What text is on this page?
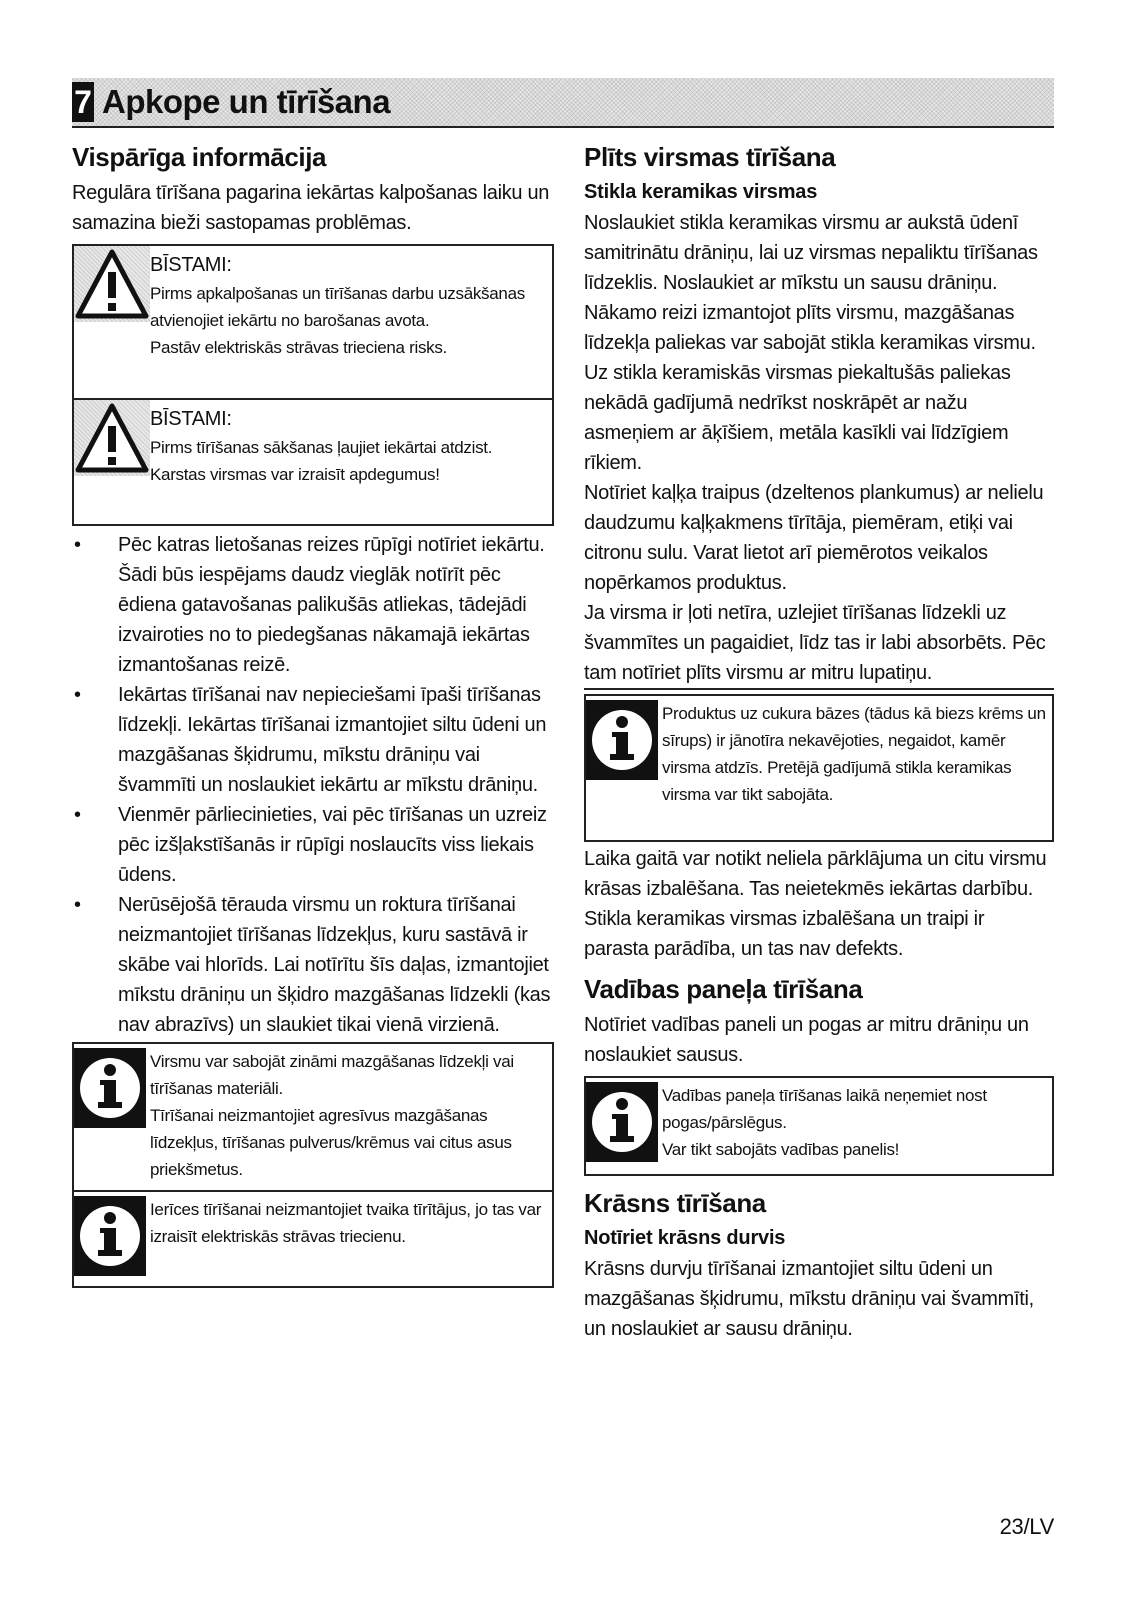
7 Apkope un tīrīšana
Vispārīga informācija

Regulāra tīrīšana pagarina iekārtas kalpošanas laiku un samazina bieži sastopamas problēmas.

BĪSTAMI:
Pirms apkalpošanas un tīrīšanas darbu uzsākšanas atvienojiet iekārtu no barošanas avota.
Pastāv elektriskās strāvas trieciena risks.
BĪSTAMI:
Pirms tīrīšanas sākšanas ļaujiet iekārtai atdzist.
Karstas virsmas var izraisīt apdegumus!
• Pēc katras lietošanas reizes rūpīgi notīriet iekārtu. Šādi būs iespējams daudz vieglāk notīrīt pēc ēdiena gatavošanas palikušās atliekas, tādejādi izvairoties no to piedegšanas nākamajā iekārtas izmantošanas reizē.
• Iekārtas tīrīšanai nav nepieciešami īpaši tīrīšanas līdzekļi. Iekārtas tīrīšanai izmantojiet siltu ūdeni un mazgāšanas šķidrumu, mīkstu drāniņu vai švammīti un noslaukiet iekārtu ar mīkstu drāniņu.
• Vienmēr pārliecinieties, vai pēc tīrīšanas un uzreiz pēc izšļakstīšanās ir rūpīgi noslaucīts viss liekais ūdens.
• Nerūsējošā tērauda virsmu un roktura tīrīšanai neizmantojiet tīrīšanas līdzekļus, kuru sastāvā ir skābe vai hlorīds. Lai notīrītu šīs daļas, izmantojiet mīkstu drāniņu un šķidro mazgāšanas līdzekli (kas nav abrazīvs) un slaukiet tikai vienā virzienā.
Virsmu var sabojāt zināmi mazgāšanas līdzekļi vai tīrīšanas materiāli.
Tīrīšanai neizmantojiet agresīvus mazgāšanas līdzekļus, tīrīšanas pulverus/krēmus vai citus asus priekšmetus.
Ierīces tīrīšanai neizmantojiet tvaika tīrītājus, jo tas var izraisīt elektriskās strāvas triecienu.
Plīts virsmas tīrīšana
Stikla keramikas virsmas

Noslaukiet stikla keramikas virsmu ar aukstā ūdenī samitrinātu drāniņu, lai uz virsmas nepaliktu tīrīšanas līdzeklis. Noslaukiet ar mīkstu un sausu drāniņu. Nākamo reizi izmantojot plīts virsmu, mazgāšanas līdzekļa paliekas var sabojāt stikla keramikas virsmu.

Uz stikla keramiskās virsmas piekaltušās paliekas nekādā gadījumā nedrīkst noskrāpēt ar nažu asmeņiem ar āķīšiem, metāla kasīkli vai līdzīgiem rīkiem.

Notīriet kaļķa traipus (dzeltenos plankumus) ar nelielu daudzumu kaļķakmens tīrītāja, piemēram, etiķi vai citronu sulu. Varat lietot arī piemērotos veikalos nopērkamos produktus.

Ja virsma ir ļoti netīra, uzlejiet tīrīšanas līdzekli uz švammītes un pagaidiet, līdz tas ir labi absorbēts. Pēc tam notīriet plīts virsmu ar mitru lupatiņu.

Produktus uz cukura bāzes (tādus kā biezs krēms un sīrups) ir jānotīra nekavējoties, negaidot, kamēr virsma atdzīs. Pretējā gadījumā stikla keramikas virsma var tikt sabojāta.

Laika gaitā var notikt neliela pārklājuma un citu virsmu krāsas izbalēšana. Tas neietekmēs iekārtas darbību.

Stikla keramikas virsmas izbalēšana un traipi ir parasta parādība, un tas nav defekts.

Vadības paneļa tīrīšana

Notīriet vadības paneli un pogas ar mitru drāniņu un noslaukiet sausus.

Vadības paneļa tīrīšanas laikā neņemiet nost pogas/pārslēgus.
Var tikt sabojāts vadības panelis!
Krāsns tīrīšana
Notīriet krāsns durvis

Krāsns durvju tīrīšanai izmantojiet siltu ūdeni un mazgāšanas šķidrumu, mīkstu drāniņu vai švammīti, un noslaukiet ar sausu drāniņu.

23/LV
